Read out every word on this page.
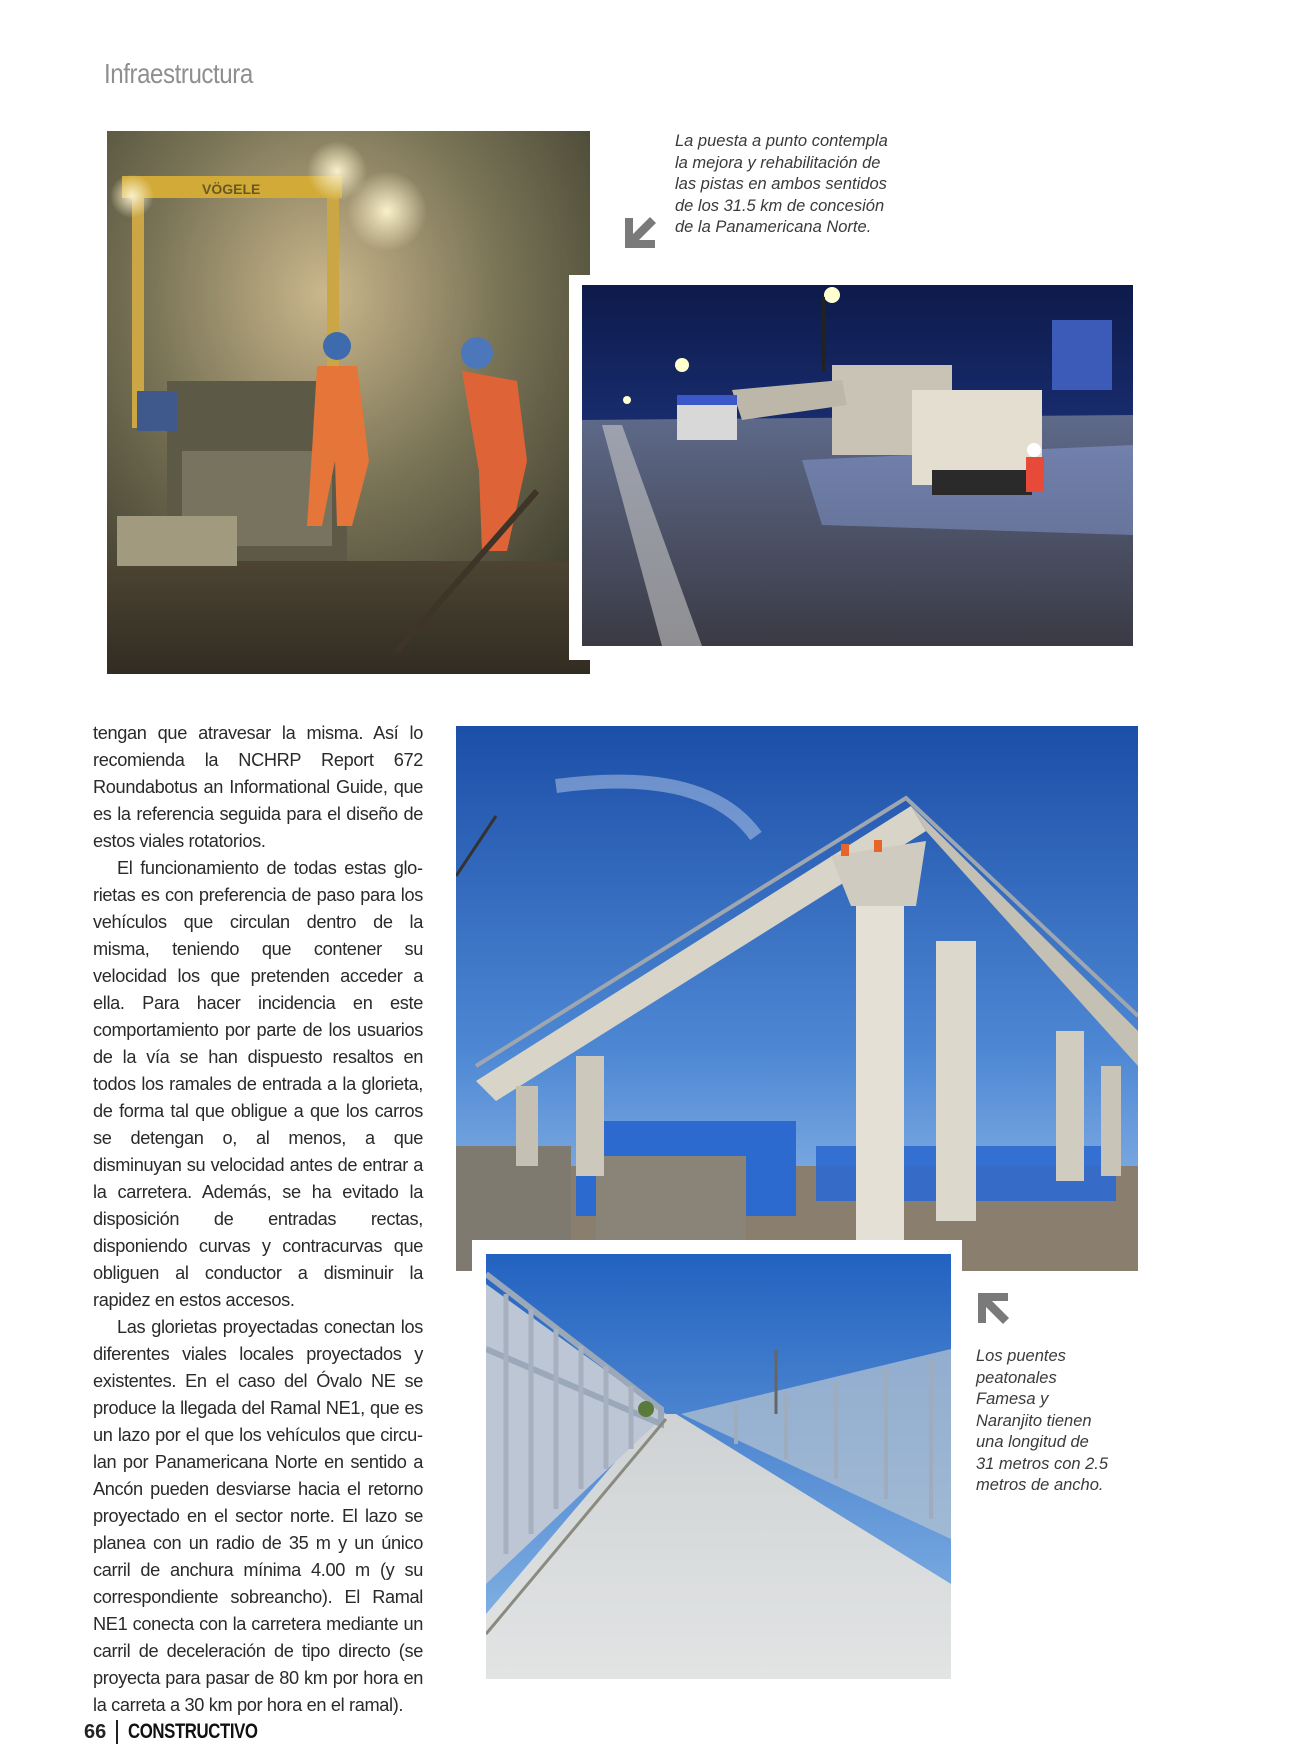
Infraestructura
VÖGELE

La puesta a punto contempla la mejora y rehabilitación de las pistas en ambos sentidos de los 31.5 km de concesión de la Panamericana Norte.

tengan que atravesar la misma. Así lo recomienda la NCHRP Report 672 Roundabotus an Informational Guide, que es la referencia seguida para el diseño de estos viales rotatorios.

El funcionamiento de todas estas glorietas es con preferencia de paso para los vehículos que circulan dentro de la misma, teniendo que contener su velocidad los que pretenden acceder a ella. Para hacer incidencia en este comportamiento por parte de los usuarios de la vía se han dispuesto resaltos en todos los ramales de entrada a la glorieta, de forma tal que obligue a que los carros se detengan o, al menos, a que disminuyan su velocidad antes de entrar a la carretera. Además, se ha evitado la disposición de entradas rectas, disponiendo curvas y contracurvas que obliguen al conductor a disminuir la rapidez en estos accesos.

Las glorietas proyectadas conectan los diferentes viales locales proyectados y existentes. En el caso del Óvalo NE se produce la llegada del Ramal NE1, que es un lazo por el que los vehículos que circulan por Panamericana Norte en sentido a Ancón pueden desviarse hacia el retorno proyectado en el sector norte. El lazo se planea con un radio de 35 m y un único carril de anchura mínima 4.00 m (y su correspondiente sobreancho). El Ramal NE1 conecta con la carretera mediante un carril de deceleración de tipo directo (se proyecta para pasar de 80 km por hora en la carreta a 30 km por hora en el ramal).

Los puentes peatonales Famesa y Naranjito tienen una longitud de 31 metros con 2.5 metros de ancho.

66 CONSTRUCTIVO
